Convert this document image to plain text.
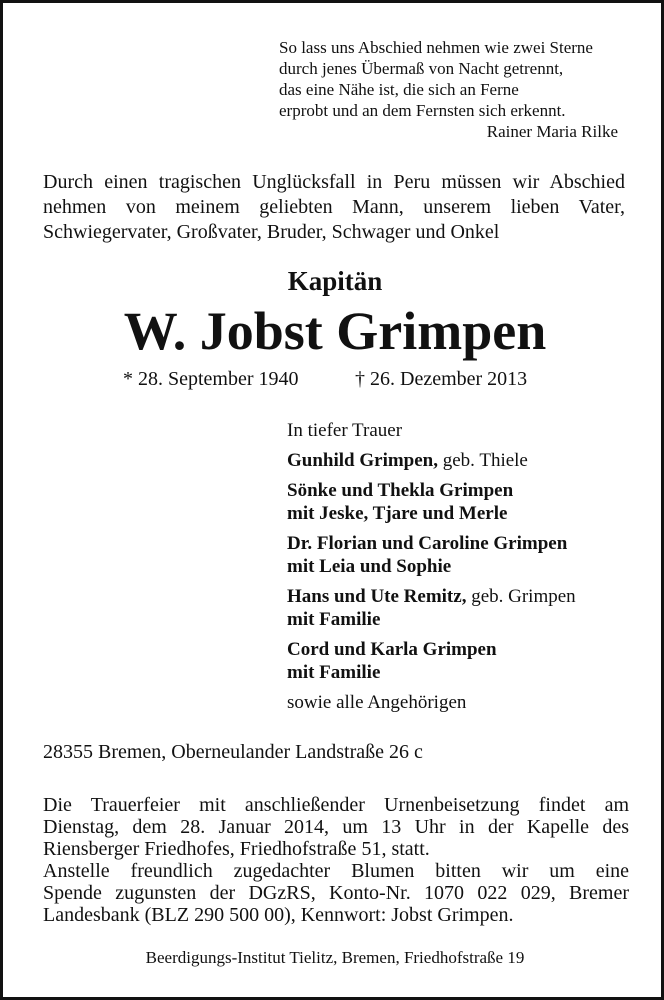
So lass uns Abschied nehmen wie zwei Sterne
durch jenes Übermaß von Nacht getrennt,
das eine Nähe ist, die sich an Ferne
erprobt und an dem Fernsten sich erkennt.
Rainer Maria Rilke
Durch einen tragischen Unglücksfall in Peru müssen wir Abschied
nehmen von meinem geliebten Mann, unserem lieben Vater,
Schwiegervater, Großvater, Bruder, Schwager und Onkel
Kapitän
W. Jobst Grimpen
* 28. September 1940	† 26. Dezember 2013
In tiefer Trauer
Gunhild Grimpen, geb. Thiele
Sönke und Thekla Grimpen
mit Jeske, Tjare und Merle
Dr. Florian und Caroline Grimpen
mit Leia und Sophie
Hans und Ute Remitz, geb. Grimpen
mit Familie
Cord und Karla Grimpen
mit Familie
sowie alle Angehörigen
28355 Bremen, Oberneulander Landstraße 26 c
Die Trauerfeier mit anschließender Urnenbeisetzung findet am
Dienstag, dem 28. Januar 2014, um 13 Uhr in der Kapelle des
Riensberger Friedhofes, Friedhofstraße 51, statt.
Anstelle freundlich zugedachter Blumen bitten wir um eine
Spende zugunsten der DGzRS, Konto-Nr. 1070 022 029, Bremer
Landesbank (BLZ 290 500 00), Kennwort: Jobst Grimpen.
Beerdigungs-Institut Tielitz, Bremen, Friedhofstraße 19
